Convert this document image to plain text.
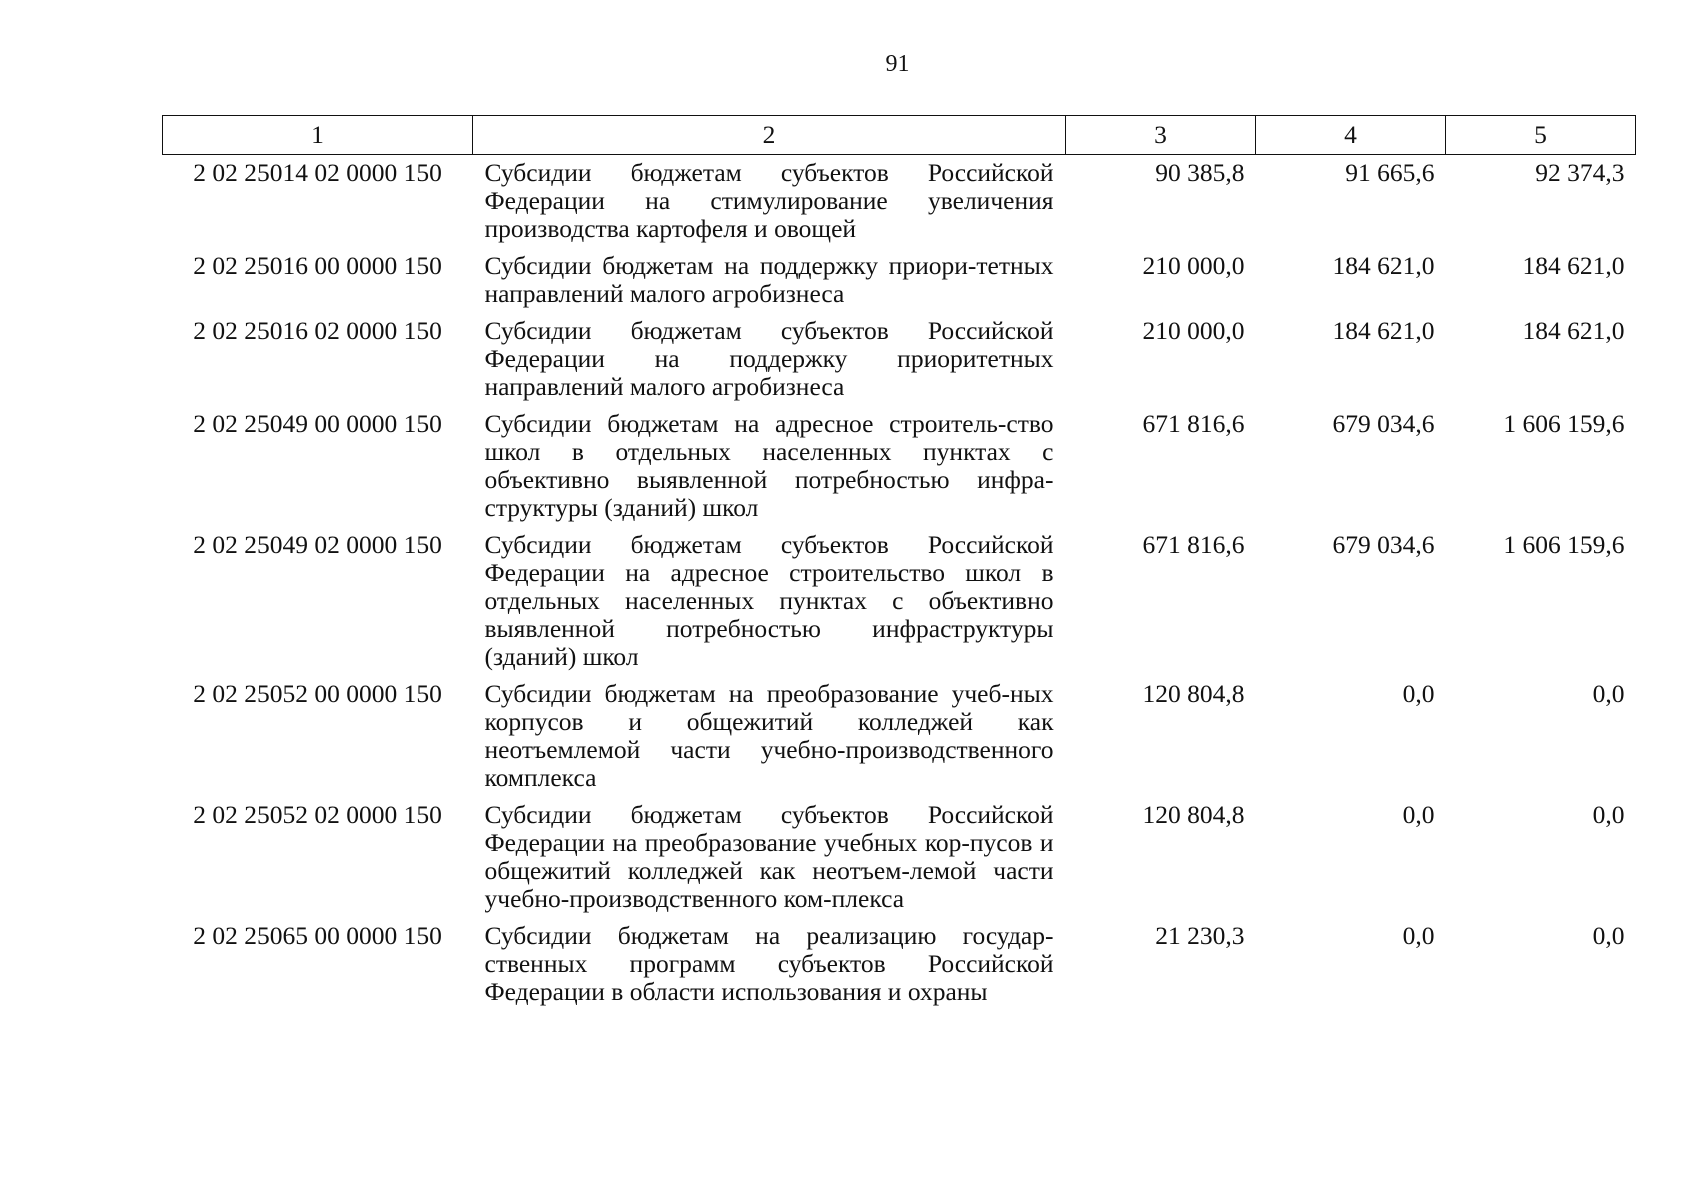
91
1	2	3	4	5
2 02 25014 02 0000 150	Субсидии бюджетам субъектов Российской Федерации на стимулирование увеличения производства картофеля и овощей	90 385,8	91 665,6	92 374,3
2 02 25016 00 0000 150	Субсидии бюджетам на поддержку приори-тетных направлений малого агробизнеса	210 000,0	184 621,0	184 621,0
2 02 25016 02 0000 150	Субсидии бюджетам субъектов Российской Федерации на поддержку приоритетных направлений малого агробизнеса	210 000,0	184 621,0	184 621,0
2 02 25049 00 0000 150	Субсидии бюджетам на адресное строитель-ство школ в отдельных населенных пунктах с объективно выявленной потребностью инфра-структуры (зданий) школ	671 816,6	679 034,6	1 606 159,6
2 02 25049 02 0000 150	Субсидии бюджетам субъектов Российской Федерации на адресное строительство школ в отдельных населенных пунктах с объективно выявленной потребностью инфраструктуры (зданий) школ	671 816,6	679 034,6	1 606 159,6
2 02 25052 00 0000 150	Субсидии бюджетам на преобразование учеб-ных корпусов и общежитий колледжей как неотъемлемой части учебно-производственного комплекса	120 804,8	0,0	0,0
2 02 25052 02 0000 150	Субсидии бюджетам субъектов Российской Федерации на преобразование учебных кор-пусов и общежитий колледжей как неотъем-лемой части учебно-производственного ком-плекса	120 804,8	0,0	0,0
2 02 25065 00 0000 150	Субсидии бюджетам на реализацию государ-ственных программ субъектов Российской Федерации в области использования и охраны	21 230,3	0,0	0,0
